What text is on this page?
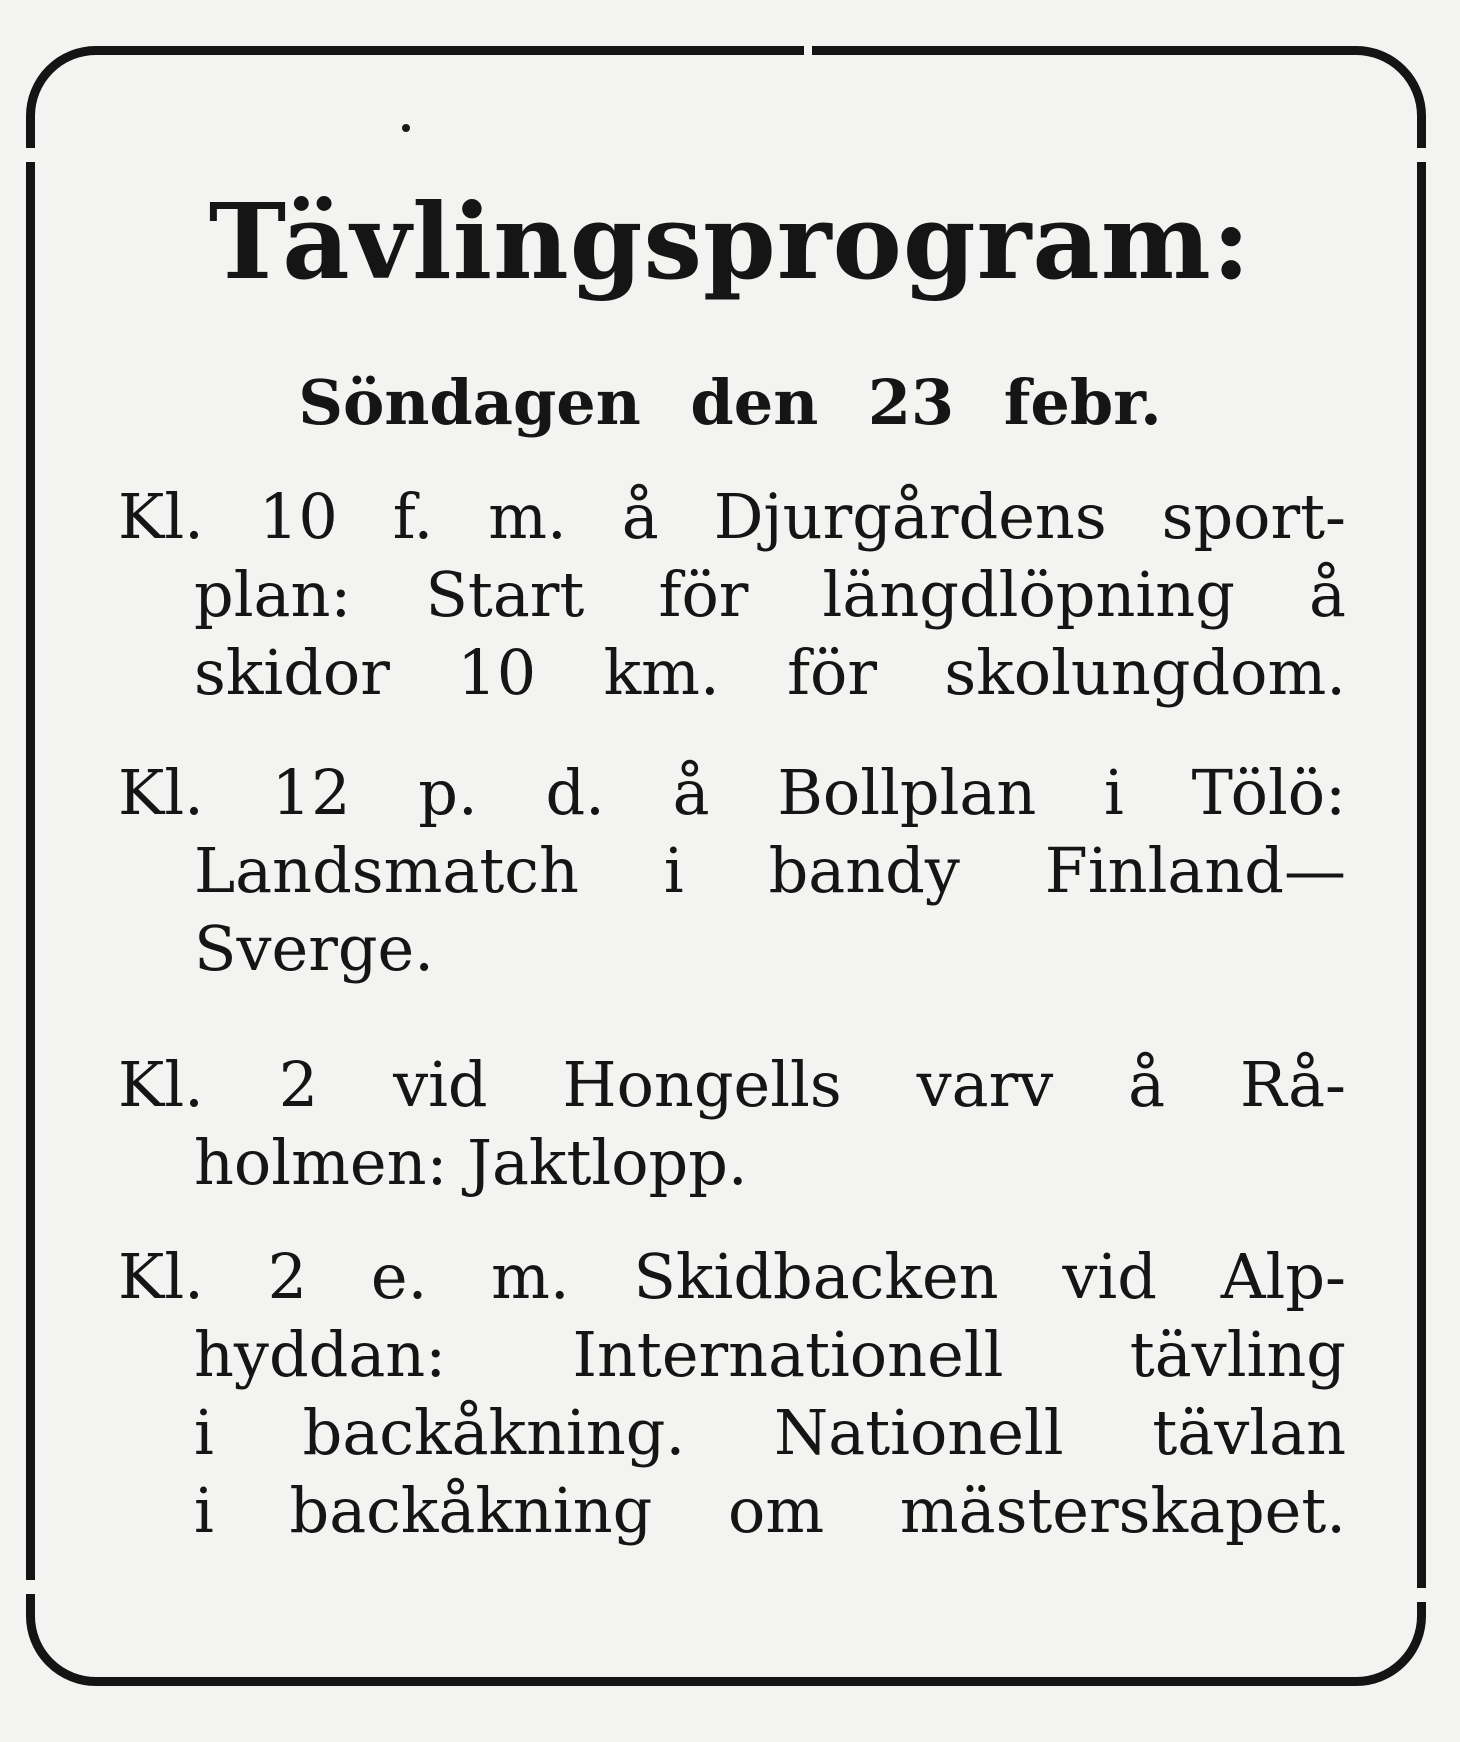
Tävlingsprogram:
Söndagen den 23 febr.
Kl. 10 f. m. å Djurgårdens sport-
plan: Start för längdlöpning å
skidor 10 km. för skolungdom.
Kl. 12 p. d. å Bollplan i Tölö:
Landsmatch i bandy Finland—
Sverge.
Kl. 2 vid Hongells varv å Rå-
holmen: Jaktlopp.
Kl. 2 e. m. Skidbacken vid Alp-
hyddan: Internationell tävling
i backåkning. Nationell tävlan
i backåkning om mästerskapet.
